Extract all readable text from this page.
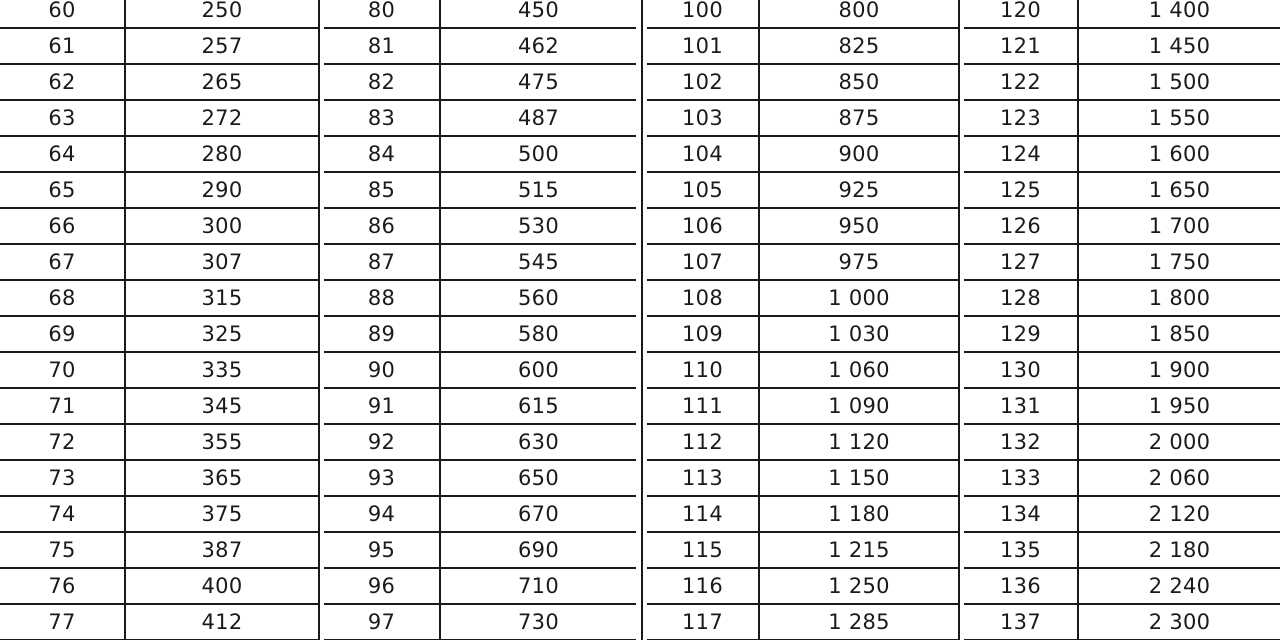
60	250
61	257
62	265
63	272
64	280
65	290
66	300
67	307
68	315
69	325
70	335
71	345
72	355
73	365
74	375
75	387
76	400
77	412
80	450
81	462
82	475
83	487
84	500
85	515
86	530
87	545
88	560
89	580
90	600
91	615
92	630
93	650
94	670
95	690
96	710
97	730
100	800
101	825
102	850
103	875
104	900
105	925
106	950
107	975
108	1 000
109	1 030
110	1 060
111	1 090
112	1 120
113	1 150
114	1 180
115	1 215
116	1 250
117	1 285
120	1 400
121	1 450
122	1 500
123	1 550
124	1 600
125	1 650
126	1 700
127	1 750
128	1 800
129	1 850
130	1 900
131	1 950
132	2 000
133	2 060
134	2 120
135	2 180
136	2 240
137	2 300
